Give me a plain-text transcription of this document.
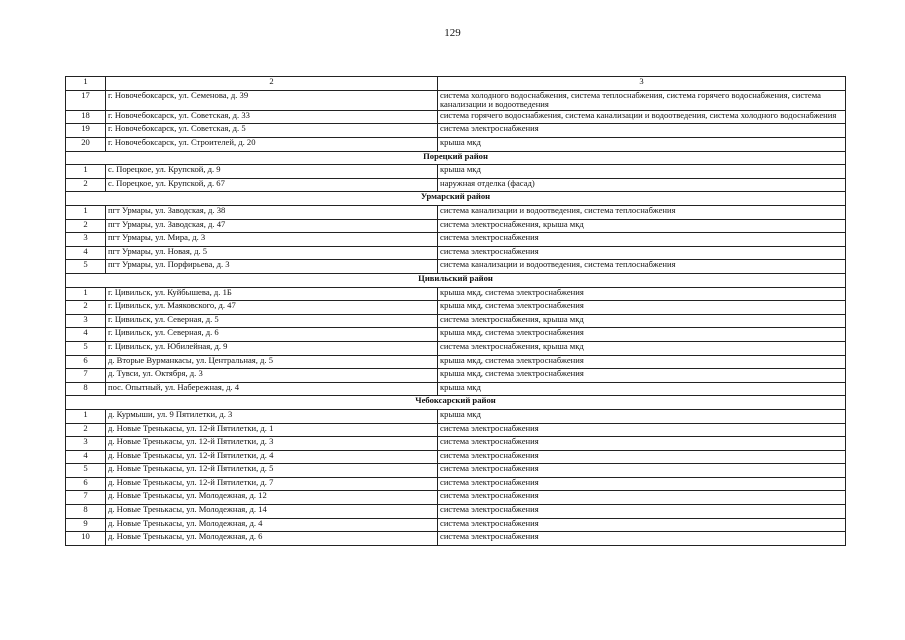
129
1	2	3
17	г. Новочебоксарск, ул. Семенова, д. 39	система холодного водоснабжения, система теплоснабжения, система горячего водоснабжения, система канализации и водоотведения
18	г. Новочебоксарск, ул. Советская, д. 33	система горячего водоснабжения, система канализации и водоотведения, система холодного водоснабжения
19	г. Новочебоксарск, ул. Советская, д. 5	система электроснабжения
20	г. Новочебоксарск, ул. Строителей, д. 20	крыша мкд
Порецкий район		
1	с. Порецкое, ул. Крупской, д. 9	крыша мкд
2	с. Порецкое, ул. Крупской, д. 67	наружная отделка (фасад)
Урмарский район		
1	пгт Урмары, ул. Заводская, д. 38	система канализации и водоотведения, система теплоснабжения
2	пгт Урмары, ул. Заводская, д. 47	система электроснабжения, крыша мкд
3	пгт Урмары, ул. Мира, д. 3	система электроснабжения
4	пгт Урмары, ул. Новая, д. 5	система электроснабжения
5	пгт Урмары, ул. Порфирьева, д. 3	система канализации и водоотведения, система теплоснабжения
Цивильский район		
1	г. Цивильск, ул. Куйбышева, д. 1Б	крыша мкд, система электроснабжения
2	г. Цивильск, ул. Маяковского, д. 47	крыша мкд, система электроснабжения
3	г. Цивильск, ул. Северная, д. 5	система электроснабжения, крыша мкд
4	г. Цивильск, ул. Северная, д. 6	крыша мкд, система электроснабжения
5	г. Цивильск, ул. Юбилейная, д. 9	система электроснабжения, крыша мкд
6	д. Вторые Вурманкасы, ул. Центральная, д. 5	крыша мкд, система электроснабжения
7	д. Тувси, ул. Октября, д. 3	крыша мкд, система электроснабжения
8	пос. Опытный, ул. Набережная, д. 4	крыша мкд
Чебоксарский район		
1	д. Курмыши, ул. 9 Пятилетки, д. 3	крыша мкд
2	д. Новые Тренькасы, ул. 12-й Пятилетки, д. 1	система электроснабжения
3	д. Новые Тренькасы, ул. 12-й Пятилетки, д. 3	система электроснабжения
4	д. Новые Тренькасы, ул. 12-й Пятилетки, д. 4	система электроснабжения
5	д. Новые Тренькасы, ул. 12-й Пятилетки, д. 5	система электроснабжения
6	д. Новые Тренькасы, ул. 12-й Пятилетки, д. 7	система электроснабжения
7	д. Новые Тренькасы, ул. Молодежная, д. 12	система электроснабжения
8	д. Новые Тренькасы, ул. Молодежная, д. 14	система электроснабжения
9	д. Новые Тренькасы, ул. Молодежная, д. 4	система электроснабжения
10	д. Новые Тренькасы, ул. Молодежная, д. 6	система электроснабжения
